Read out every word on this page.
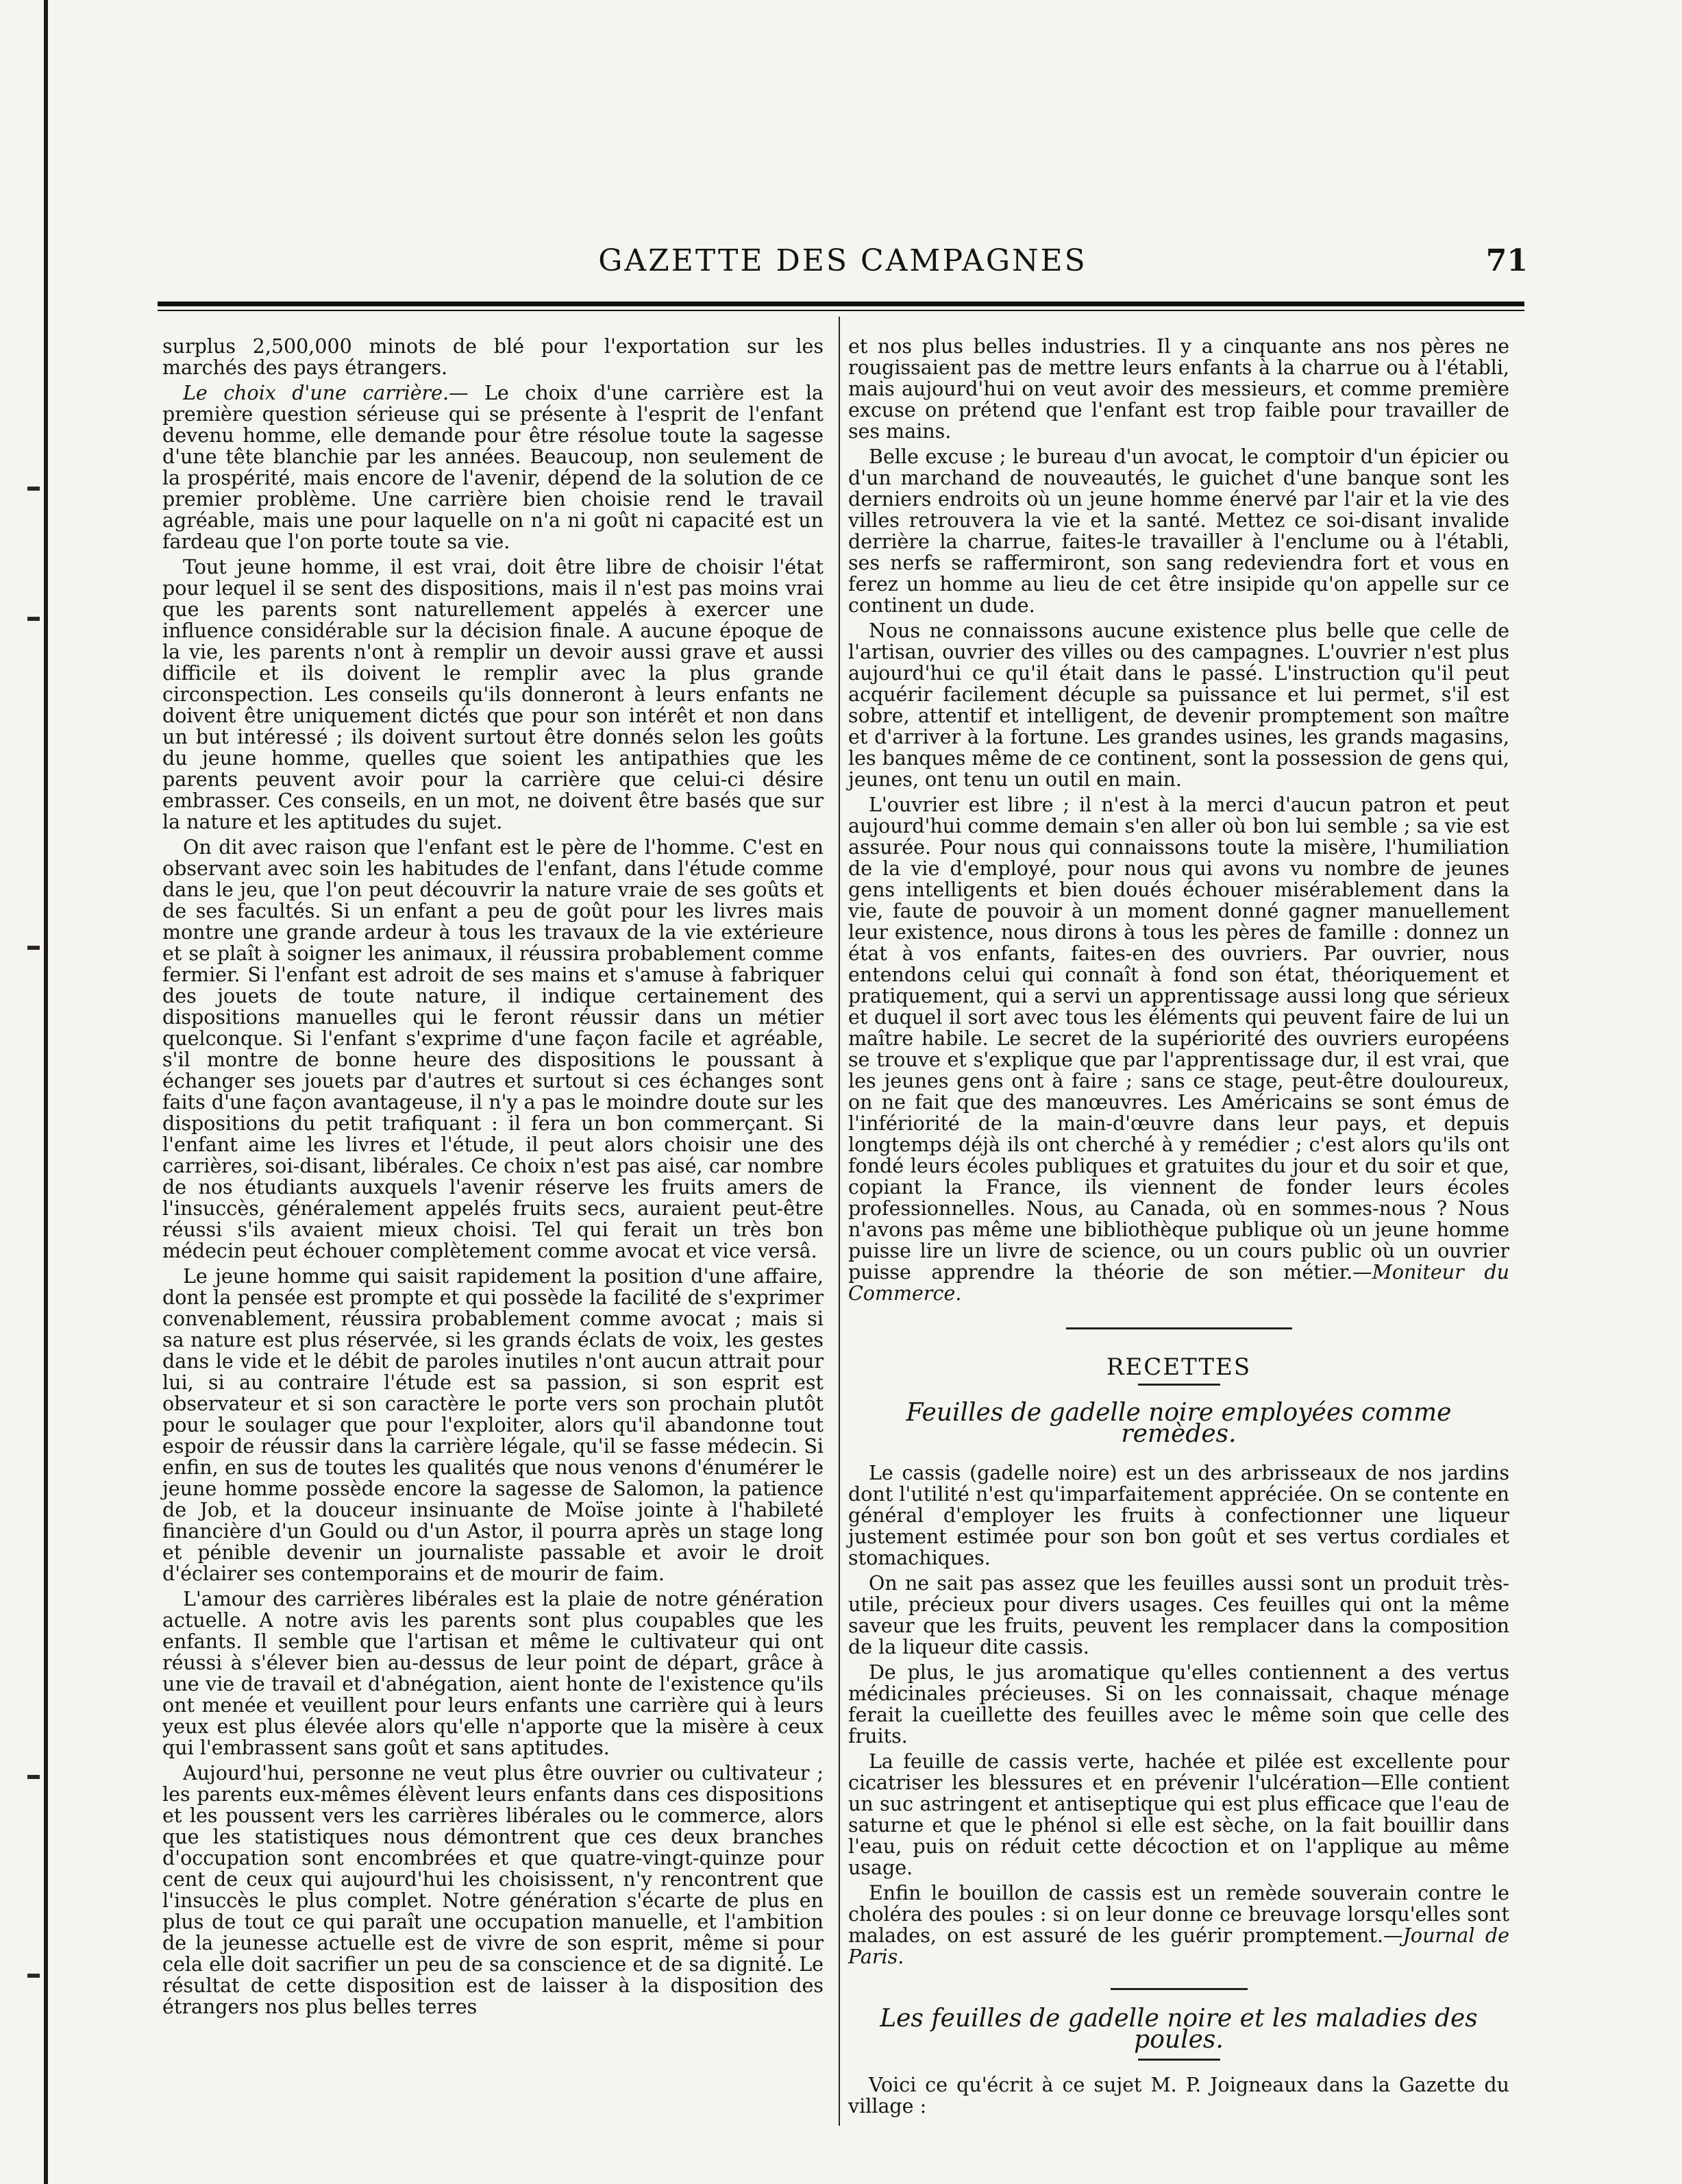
GAZETTE DES CAMPAGNES	71

surplus 2,500,000 minots de blé pour l'exportation sur les marchés des pays étrangers.

Le choix d'une carrière.— Le choix d'une carrière est la première question sérieuse qui se présente à l'esprit de l'enfant devenu homme, elle demande pour être résolue toute la sagesse d'une tête blanchie par les années. Beaucoup, non seulement de la prospérité, mais encore de l'avenir, dépend de la solution de ce premier problème. Une carrière bien choisie rend le travail agréable, mais une pour laquelle on n'a ni goût ni capacité est un fardeau que l'on porte toute sa vie.

Tout jeune homme, il est vrai, doit être libre de choisir l'état pour lequel il se sent des dispositions, mais il n'est pas moins vrai que les parents sont naturellement appelés à exercer une influence considérable sur la décision finale. A aucune époque de la vie, les parents n'ont à remplir un devoir aussi grave et aussi difficile et ils doivent le remplir avec la plus grande circonspection. Les conseils qu'ils donneront à leurs enfants ne doivent être uniquement dictés que pour son intérêt et non dans un but intéressé ; ils doivent surtout être donnés selon les goûts du jeune homme, quelles que soient les antipathies que les parents peuvent avoir pour la carrière que celui-ci désire embrasser. Ces conseils, en un mot, ne doivent être basés que sur la nature et les aptitudes du sujet.

On dit avec raison que l'enfant est le père de l'homme. C'est en observant avec soin les habitudes de l'enfant, dans l'étude comme dans le jeu, que l'on peut découvrir la nature vraie de ses goûts et de ses facultés. Si un enfant a peu de goût pour les livres mais montre une grande ardeur à tous les travaux de la vie extérieure et se plaît à soigner les animaux, il réussira probablement comme fermier. Si l'enfant est adroit de ses mains et s'amuse à fabriquer des jouets de toute nature, il indique certainement des dispositions manuelles qui le feront réussir dans un métier quelconque. Si l'enfant s'exprime d'une façon facile et agréable, s'il montre de bonne heure des dispositions le poussant à échanger ses jouets par d'autres et surtout si ces échanges sont faits d'une façon avantageuse, il n'y a pas le moindre doute sur les dispositions du petit trafiquant : il fera un bon commerçant. Si l'enfant aime les livres et l'étude, il peut alors choisir une des carrières, soi-disant, libérales. Ce choix n'est pas aisé, car nombre de nos étudiants auxquels l'avenir réserve les fruits amers de l'insuccès, généralement appelés fruits secs, auraient peut-être réussi s'ils avaient mieux choisi. Tel qui ferait un très bon médecin peut échouer complètement comme avocat et vice versâ.

Le jeune homme qui saisit rapidement la position d'une affaire, dont la pensée est prompte et qui possède la facilité de s'exprimer convenablement, réussira probablement comme avocat ; mais si sa nature est plus réservée, si les grands éclats de voix, les gestes dans le vide et le débit de paroles inutiles n'ont aucun attrait pour lui, si au contraire l'étude est sa passion, si son esprit est observateur et si son caractère le porte vers son prochain plutôt pour le soulager que pour l'exploiter, alors qu'il abandonne tout espoir de réussir dans la carrière légale, qu'il se fasse médecin. Si enfin, en sus de toutes les qualités que nous venons d'énumérer le jeune homme possède encore la sagesse de Salomon, la patience de Job, et la douceur insinuante de Moïse jointe à l'habileté financière d'un Gould ou d'un Astor, il pourra après un stage long et pénible devenir un journaliste passable et avoir le droit d'éclairer ses contemporains et de mourir de faim.

L'amour des carrières libérales est la plaie de notre génération actuelle. A notre avis les parents sont plus coupables que les enfants. Il semble que l'artisan et même le cultivateur qui ont réussi à s'élever bien au-dessus de leur point de départ, grâce à une vie de travail et d'abnégation, aient honte de l'existence qu'ils ont menée et veuillent pour leurs enfants une carrière qui à leurs yeux est plus élevée alors qu'elle n'apporte que la misère à ceux qui l'embrassent sans goût et sans aptitudes.

Aujourd'hui, personne ne veut plus être ouvrier ou cultivateur ; les parents eux-mêmes élèvent leurs enfants dans ces dispositions et les poussent vers les carrières libérales ou le commerce, alors que les statistiques nous démontrent que ces deux branches d'occupation sont encombrées et que quatre-vingt-quinze pour cent de ceux qui aujourd'hui les choisissent, n'y rencontrent que l'insuccès le plus complet. Notre génération s'écarte de plus en plus de tout ce qui paraît une occupation manuelle, et l'ambition de la jeunesse actuelle est de vivre de son esprit, même si pour cela elle doit sacrifier un peu de sa conscience et de sa dignité. Le résultat de cette disposition est de laisser à la disposition des étrangers nos plus belles terres

et nos plus belles industries. Il y a cinquante ans nos pères ne rougissaient pas de mettre leurs enfants à la charrue ou à l'établi, mais aujourd'hui on veut avoir des messieurs, et comme première excuse on prétend que l'enfant est trop faible pour travailler de ses mains.

Belle excuse ; le bureau d'un avocat, le comptoir d'un épicier ou d'un marchand de nouveautés, le guichet d'une banque sont les derniers endroits où un jeune homme énervé par l'air et la vie des villes retrouvera la vie et la santé. Mettez ce soi-disant invalide derrière la charrue, faites-le travailler à l'enclume ou à l'établi, ses nerfs se raffermiront, son sang redeviendra fort et vous en ferez un homme au lieu de cet être insipide qu'on appelle sur ce continent un dude.

Nous ne connaissons aucune existence plus belle que celle de l'artisan, ouvrier des villes ou des campagnes. L'ouvrier n'est plus aujourd'hui ce qu'il était dans le passé. L'instruction qu'il peut acquérir facilement décuple sa puissance et lui permet, s'il est sobre, attentif et intelligent, de devenir promptement son maître et d'arriver à la fortune. Les grandes usines, les grands magasins, les banques même de ce continent, sont la possession de gens qui, jeunes, ont tenu un outil en main.

L'ouvrier est libre ; il n'est à la merci d'aucun patron et peut aujourd'hui comme demain s'en aller où bon lui semble ; sa vie est assurée. Pour nous qui connaissons toute la misère, l'humiliation de la vie d'employé, pour nous qui avons vu nombre de jeunes gens intelligents et bien doués échouer misérablement dans la vie, faute de pouvoir à un moment donné gagner manuellement leur existence, nous dirons à tous les pères de famille : donnez un état à vos enfants, faites-en des ouvriers. Par ouvrier, nous entendons celui qui connaît à fond son état, théoriquement et pratiquement, qui a servi un apprentissage aussi long que sérieux et duquel il sort avec tous les éléments qui peuvent faire de lui un maître habile. Le secret de la supériorité des ouvriers européens se trouve et s'explique que par l'apprentissage dur, il est vrai, que les jeunes gens ont à faire ; sans ce stage, peut-être douloureux, on ne fait que des manœuvres. Les Américains se sont émus de l'infériorité de la main-d'œuvre dans leur pays, et depuis longtemps déjà ils ont cherché à y remédier ; c'est alors qu'ils ont fondé leurs écoles publiques et gratuites du jour et du soir et que, copiant la France, ils viennent de fonder leurs écoles professionnelles. Nous, au Canada, où en sommes-nous ? Nous n'avons pas même une bibliothèque publique où un jeune homme puisse lire un livre de science, ou un cours public où un ouvrier puisse apprendre la théorie de son métier.—Moniteur du Commerce.

RECETTES
Feuilles de gadelle noire employées comme remèdes.

Le cassis (gadelle noire) est un des arbrisseaux de nos jardins dont l'utilité n'est qu'imparfaitement appréciée. On se contente en général d'employer les fruits à confectionner une liqueur justement estimée pour son bon goût et ses vertus cordiales et stomachiques.

On ne sait pas assez que les feuilles aussi sont un produit très-utile, précieux pour divers usages. Ces feuilles qui ont la même saveur que les fruits, peuvent les remplacer dans la composition de la liqueur dite cassis.

De plus, le jus aromatique qu'elles contiennent a des vertus médicinales précieuses. Si on les connaissait, chaque ménage ferait la cueillette des feuilles avec le même soin que celle des fruits.

La feuille de cassis verte, hachée et pilée est excellente pour cicatriser les blessures et en prévenir l'ulcération—Elle contient un suc astringent et antiseptique qui est plus efficace que l'eau de saturne et que le phénol si elle est sèche, on la fait bouillir dans l'eau, puis on réduit cette décoction et on l'applique au même usage.

Enfin le bouillon de cassis est un remède souverain contre le choléra des poules : si on leur donne ce breuvage lorsqu'elles sont malades, on est assuré de les guérir promptement.—Journal de Paris.

Les feuilles de gadelle noire et les maladies des poules.

Voici ce qu'écrit à ce sujet M. P. Joigneaux dans la Gazette du village :
